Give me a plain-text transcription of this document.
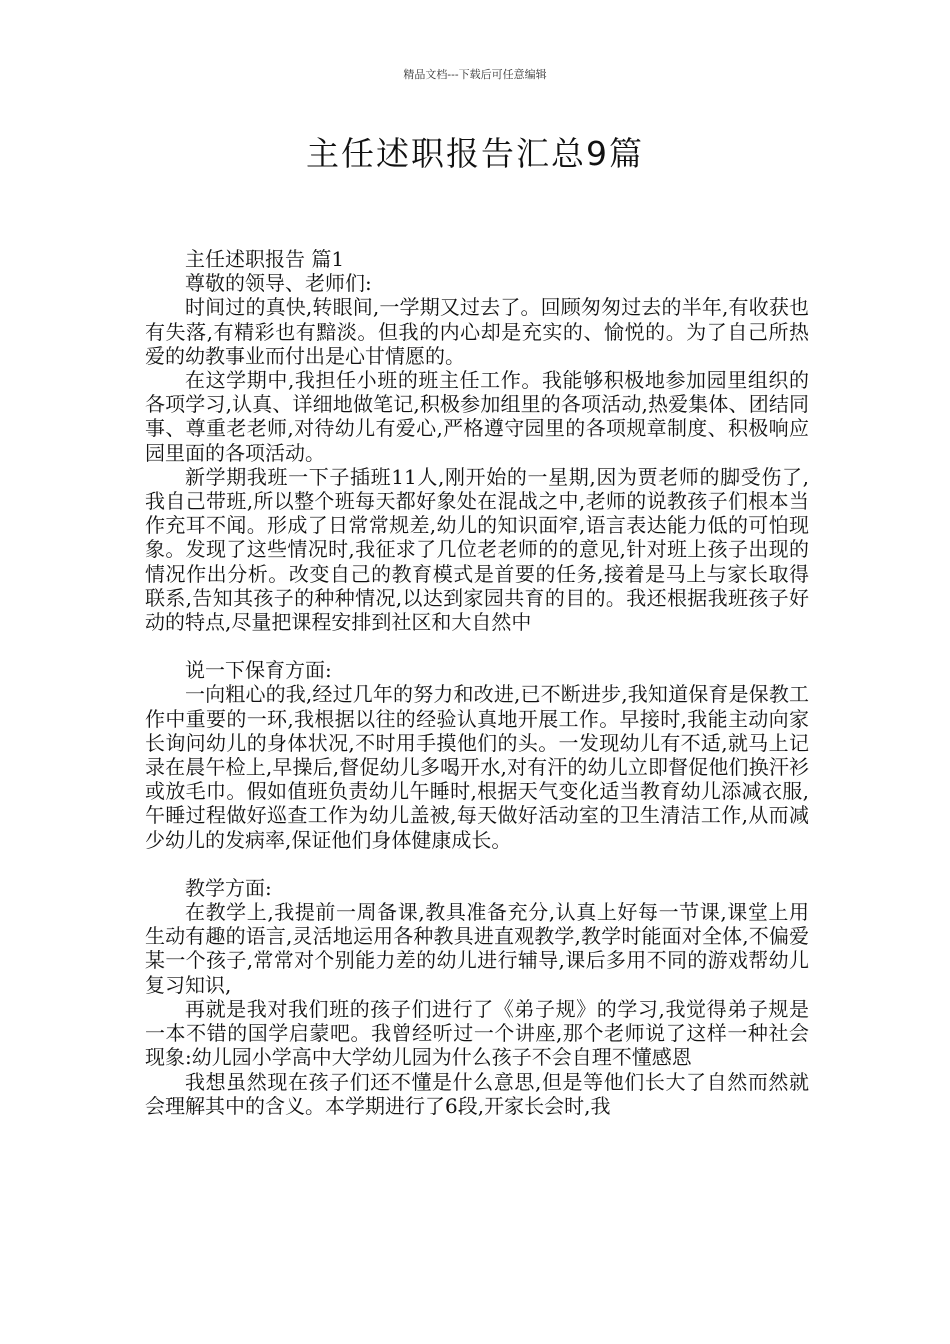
精品文档---下载后可任意编辑
主任述职报告汇总9篇

主任述职报告 篇1

尊敬的领导、老师们:

时间过的真快,转眼间,一学期又过去了。回顾匆匆过去的半年,有收获也有失落,有精彩也有黯淡。但我的内心却是充实的、愉悦的。为了自己所热爱的幼教事业而付出是心甘情愿的。

在这学期中,我担任小班的班主任工作。我能够积极地参加园里组织的各项学习,认真、详细地做笔记,积极参加组里的各项活动,热爱集体、团结同事、尊重老老师,对待幼儿有爱心,严格遵守园里的各项规章制度、积极响应园里面的各项活动。

新学期我班一下子插班11人,刚开始的一星期,因为贾老师的脚受伤了,我自己带班,所以整个班每天都好象处在混战之中,老师的说教孩子们根本当作充耳不闻。形成了日常常规差,幼儿的知识面窄,语言表达能力低的可怕现象。发现了这些情况时,我征求了几位老老师的的意见,针对班上孩子出现的情况作出分析。改变自己的教育模式是首要的任务,接着是马上与家长取得联系,告知其孩子的种种情况,以达到家园共育的目的。我还根据我班孩子好动的特点,尽量把课程安排到社区和大自然中

说一下保育方面:

一向粗心的我,经过几年的努力和改进,已不断进步,我知道保育是保教工作中重要的一环,我根据以往的经验认真地开展工作。早接时,我能主动向家长询问幼儿的身体状况,不时用手摸他们的头。一发现幼儿有不适,就马上记录在晨午检上,早操后,督促幼儿多喝开水,对有汗的幼儿立即督促他们换汗衫或放毛巾。假如值班负责幼儿午睡时,根据天气变化适当教育幼儿添减衣服,午睡过程做好巡查工作为幼儿盖被,每天做好活动室的卫生清洁工作,从而减少幼儿的发病率,保证他们身体健康成长。

教学方面:

在教学上,我提前一周备课,教具准备充分,认真上好每一节课,课堂上用生动有趣的语言,灵活地运用各种教具进直观教学,教学时能面对全体,不偏爱某一个孩子,常常对个别能力差的幼儿进行辅导,课后多用不同的游戏帮幼儿复习知识,

再就是我对我们班的孩子们进行了《弟子规》的学习,我觉得弟子规是一本不错的国学启蒙吧。我曾经听过一个讲座,那个老师说了这样一种社会现象:幼儿园小学高中大学幼儿园为什么孩子不会自理不懂感恩

我想虽然现在孩子们还不懂是什么意思,但是等他们长大了自然而然就会理解其中的含义。本学期进行了6段,开家长会时,我
